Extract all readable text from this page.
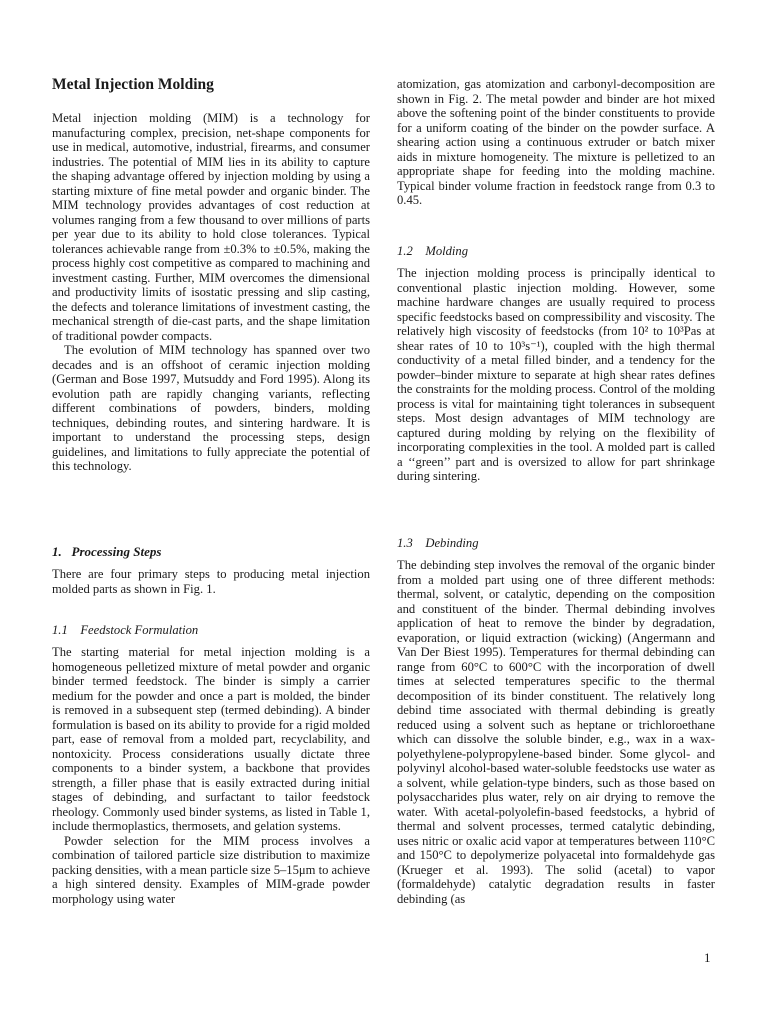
Metal Injection Molding

Metal injection molding (MIM) is a technology for manufacturing complex, precision, net-shape components for use in medical, automotive, industrial, firearms, and consumer industries. The potential of MIM lies in its ability to capture the shaping advantage offered by injection molding by using a starting mixture of fine metal powder and organic binder. The MIM technology provides advantages of cost reduction at volumes ranging from a few thousand to over millions of parts per year due to its ability to hold close tolerances. Typical tolerances achievable range from ±0.3% to ±0.5%, making the process highly cost competitive as compared to machining and investment casting. Further, MIM overcomes the dimensional and productivity limits of isostatic pressing and slip casting, the defects and tolerance limitations of investment casting, the mechanical strength of die-cast parts, and the shape limitation of traditional powder compacts.

The evolution of MIM technology has spanned over two decades and is an offshoot of ceramic injection molding (German and Bose 1997, Mutsuddy and Ford 1995). Along its evolution path are rapidly changing variants, reflecting different combinations of powders, binders, molding techniques, debinding routes, and sintering hardware. It is important to understand the processing steps, design guidelines, and limitations to fully appreciate the potential of this technology.

1. Processing Steps

There are four primary steps to producing metal injection molded parts as shown in Fig. 1.

1.1 Feedstock Formulation

The starting material for metal injection molding is a homogeneous pelletized mixture of metal powder and organic binder termed feedstock. The binder is simply a carrier medium for the powder and once a part is molded, the binder is removed in a subsequent step (termed debinding). A binder formulation is based on its ability to provide for a rigid molded part, ease of removal from a molded part, recyclability, and nontoxicity. Process considerations usually dictate three components to a binder system, a backbone that provides strength, a filler phase that is easily extracted during initial stages of debinding, and surfactant to tailor feedstock rheology. Commonly used binder systems, as listed in Table 1, include thermoplastics, thermosets, and gelation systems.

Powder selection for the MIM process involves a combination of tailored particle size distribution to maximize packing densities, with a mean particle size 5–15μm to achieve a high sintered density. Examples of MIM-grade powder morphology using water

atomization, gas atomization and carbonyl-decomposition are shown in Fig. 2. The metal powder and binder are hot mixed above the softening point of the binder constituents to provide for a uniform coating of the binder on the powder surface. A shearing action using a continuous extruder or batch mixer aids in mixture homogeneity. The mixture is pelletized to an appropriate shape for feeding into the molding machine. Typical binder volume fraction in feedstock range from 0.3 to 0.45.

1.2 Molding

The injection molding process is principally identical to conventional plastic injection molding. However, some machine hardware changes are usually required to process specific feedstocks based on compressibility and viscosity. The relatively high viscosity of feedstocks (from 10² to 10³Pas at shear rates of 10 to 10³s⁻¹), coupled with the high thermal conductivity of a metal filled binder, and a tendency for the powder–binder mixture to separate at high shear rates defines the constraints for the molding process. Control of the molding process is vital for maintaining tight tolerances in subsequent steps. Most design advantages of MIM technology are captured during molding by relying on the flexibility of incorporating complexities in the tool. A molded part is called a ‘‘green’’ part and is oversized to allow for part shrinkage during sintering.

1.3 Debinding

The debinding step involves the removal of the organic binder from a molded part using one of three different methods: thermal, solvent, or catalytic, depending on the composition and constituent of the binder. Thermal debinding involves application of heat to remove the binder by degradation, evaporation, or liquid extraction (wicking) (Angermann and Van Der Biest 1995). Temperatures for thermal debinding can range from 60°C to 600°C with the incorporation of dwell times at selected temperatures specific to the thermal decomposition of its binder constituent. The relatively long debind time associated with thermal debinding is greatly reduced using a solvent such as heptane or trichloroethane which can dissolve the soluble binder, e.g., wax in a wax-polyethylene-polypropylene-based binder. Some glycol- and polyvinyl alcohol-based water-soluble feedstocks use water as a solvent, while gelation-type binders, such as those based on polysaccharides plus water, rely on air drying to remove the water. With acetal-polyolefin-based feedstocks, a hybrid of thermal and solvent processes, termed catalytic debinding, uses nitric or oxalic acid vapor at temperatures between 110°C and 150°C to depolymerize polyacetal into formaldehyde gas (Krueger et al. 1993). The solid (acetal) to vapor (formaldehyde) catalytic degradation results in faster debinding (as

1
